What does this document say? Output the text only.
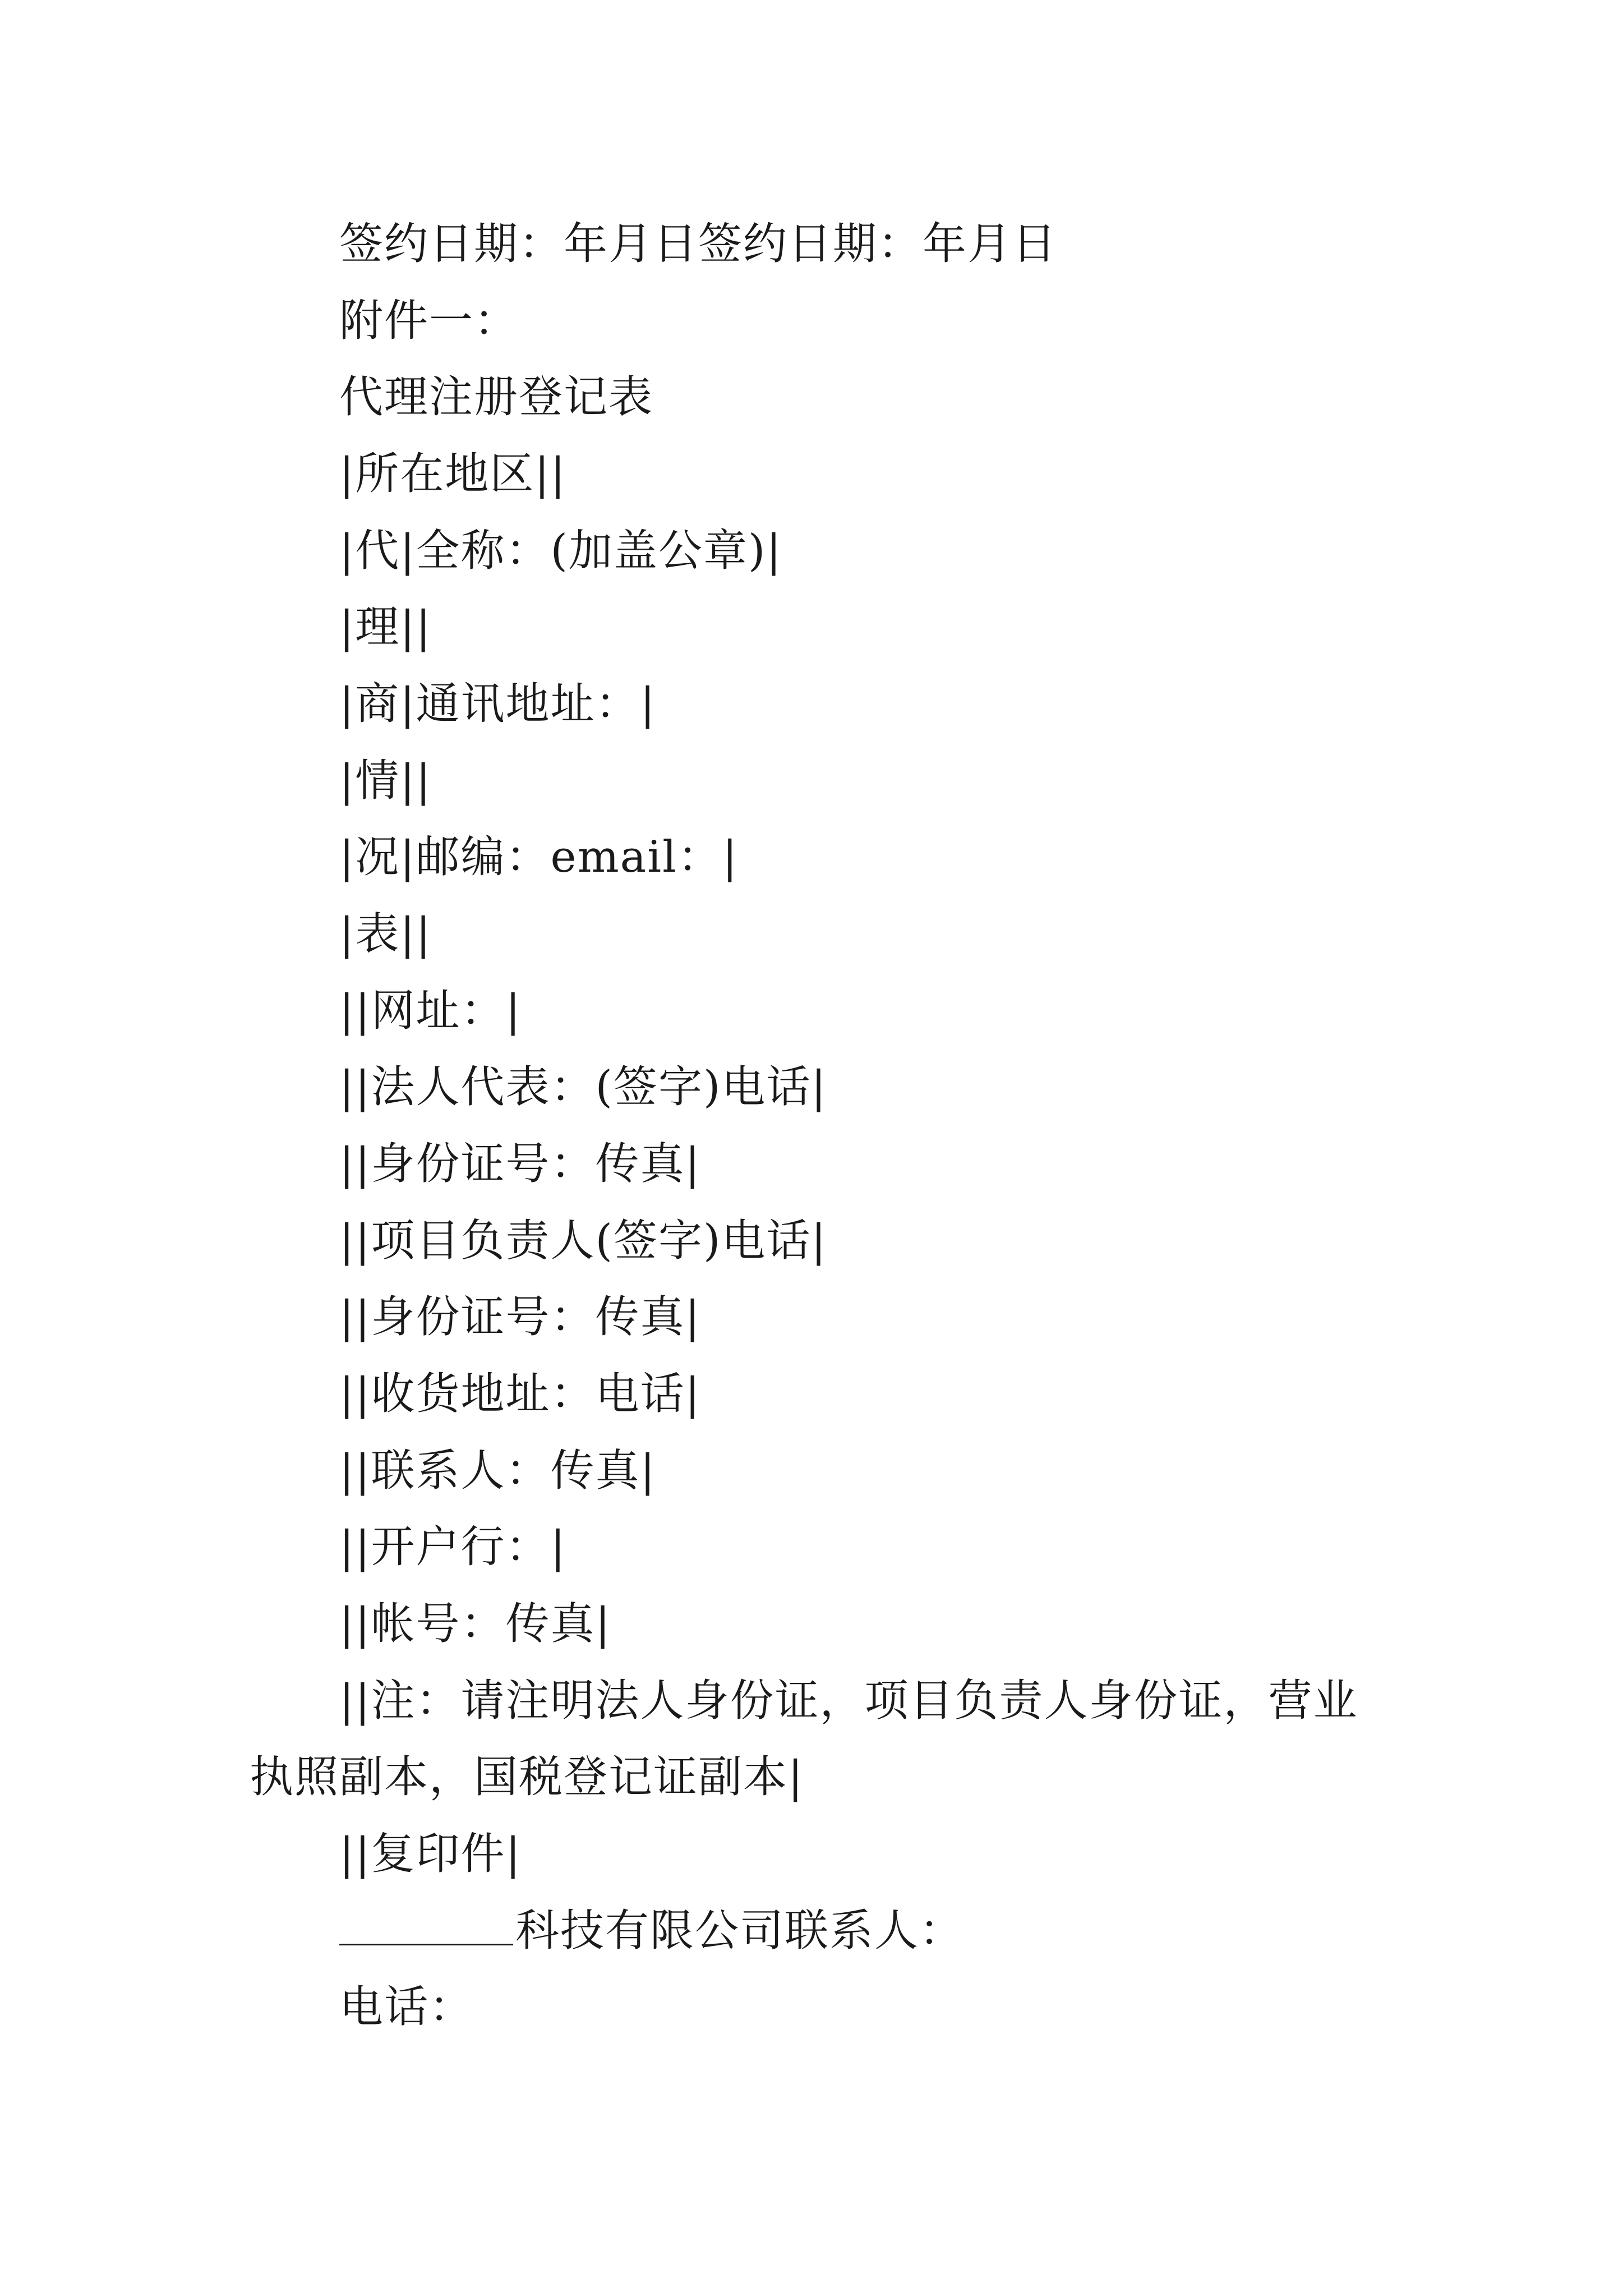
签约日期：年月日签约日期：年月日
附件一：
代理注册登记表
|所在地区||
|代|全称：(加盖公章)|
|理||
|商|通讯地址：|
|情||
|况|邮编：email：|
|表||
||网址：|
||法人代表：(签字)电话|
||身份证号：传真|
||项目负责人(签字)电话|
||身份证号：传真|
||收货地址：电话|
||联系人：传真|
||开户行：|
||帐号：传真|
||注：请注明法人身份证，项目负责人身份证，营业
执照副本，国税登记证副本|
||复印件|
科技有限公司联系人：
电话：
